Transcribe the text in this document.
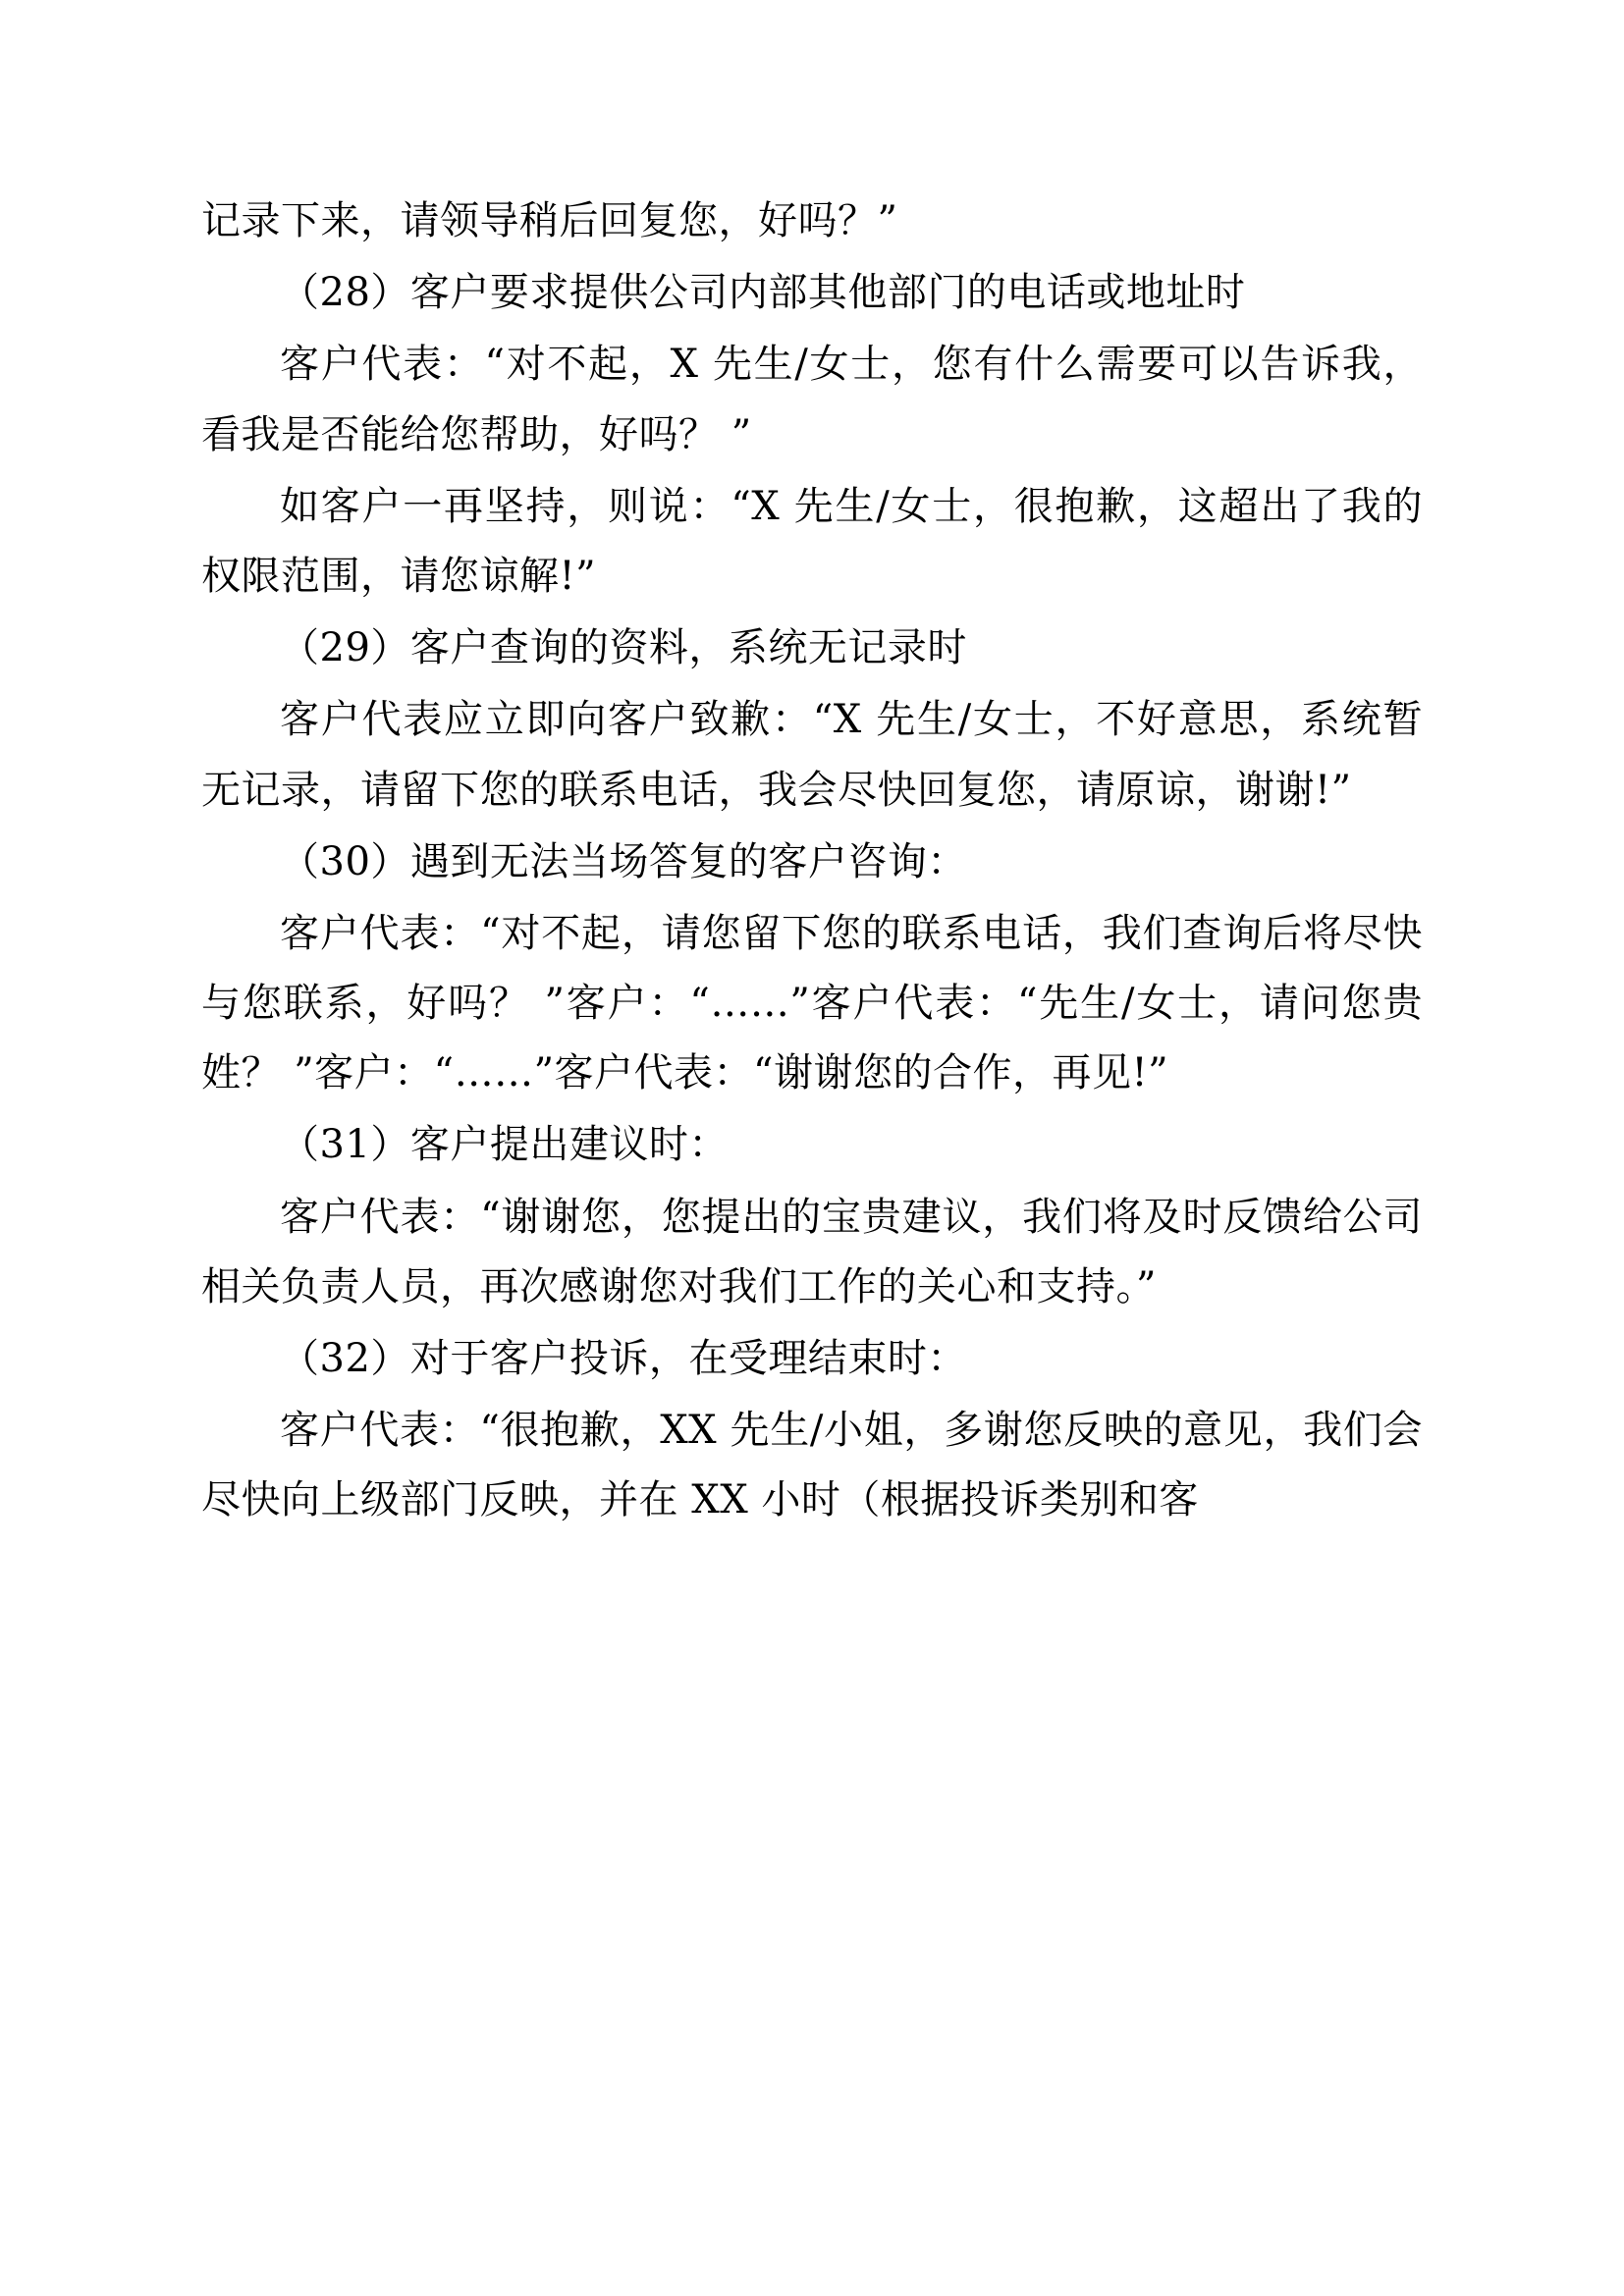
记录下来，请领导稍后回复您，好吗？”

（28）客户要求提供公司内部其他部门的电话或地址时

客户代表：“对不起，X 先生/女士，您有什么需要可以告诉我，看我是否能给您帮助，好吗？ ”

如客户一再坚持，则说：“X 先生/女士，很抱歉，这超出了我的权限范围，请您谅解!”

（29）客户查询的资料，系统无记录时

客户代表应立即向客户致歉：“X 先生/女士，不好意思，系统暂无记录，请留下您的联系电话，我会尽快回复您，请原谅，谢谢!”

（30）遇到无法当场答复的客户咨询：

客户代表：“对不起，请您留下您的联系电话，我们查询后将尽快与您联系，好吗？ ”客户：“……”客户代表：“先生/女士，请问您贵姓？ ”客户：“……”客户代表：“谢谢您的合作，再见!”

（31）客户提出建议时：

客户代表：“谢谢您，您提出的宝贵建议，我们将及时反馈给公司相关负责人员，再次感谢您对我们工作的关心和支持。”

（32）对于客户投诉，在受理结束时：

客户代表：“很抱歉，XX 先生/小姐，多谢您反映的意见，我们会尽快向上级部门反映，并在 XX 小时（根据投诉类别和客
